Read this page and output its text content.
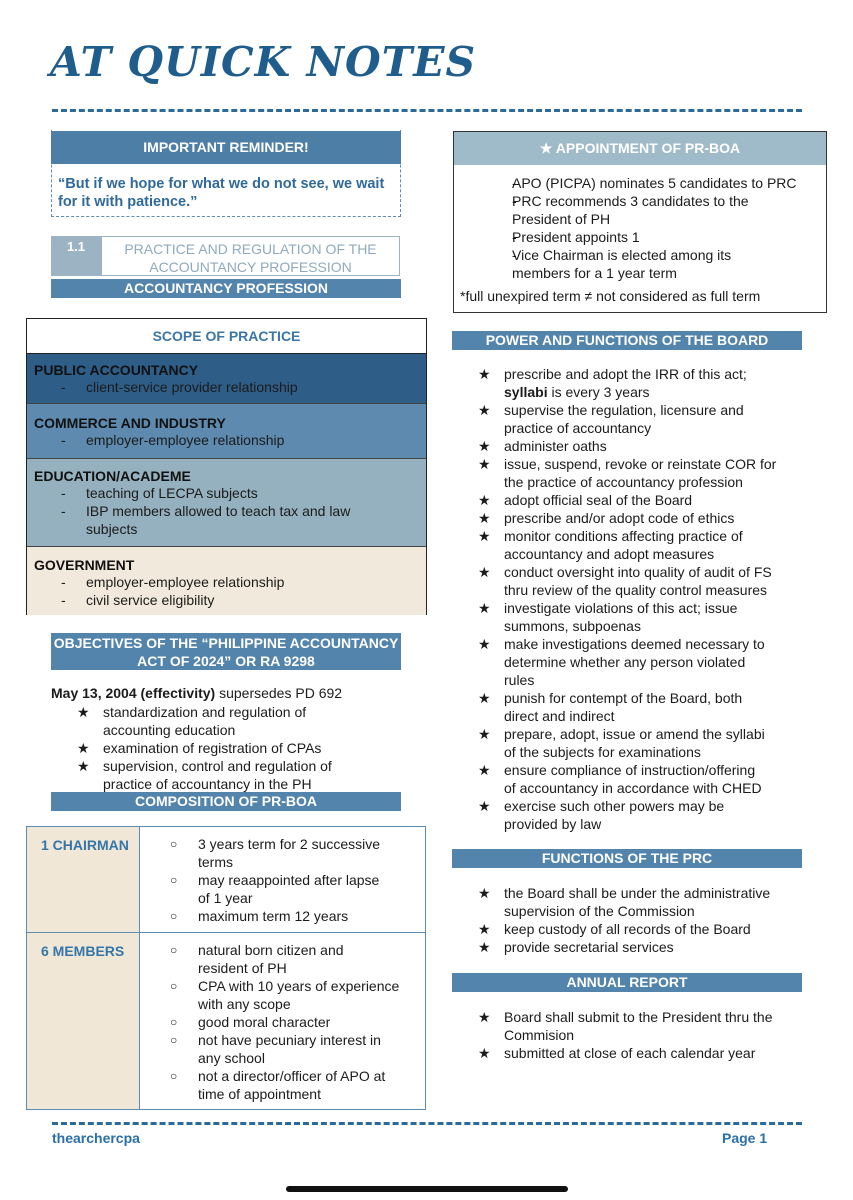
AT QUICK NOTES
IMPORTANT REMINDER!
“But if we hope for what we do not see, we wait
for it with patience.”
1.1	PRACTICE AND REGULATION OF THE
ACCOUNTANCY PROFESSION
ACCOUNTANCY PROFESSION
SCOPE OF PRACTICE
PUBLIC ACCOUNTANCY
- client-service provider relationship
COMMERCE AND INDUSTRY
- employer-employee relationship
EDUCATION/ACADEME
- teaching of LECPA subjects
- IBP members allowed to teach tax and law
subjects
GOVERNMENT
- employer-employee relationship
- civil service eligibility
OBJECTIVES OF THE “PHILIPPINE ACCOUNTANCY
ACT OF 2024” OR RA 9298
May 13, 2004 (effectivity) supersedes PD 692
★ standardization and regulation of
accounting education
★ examination of registration of CPAs
★ supervision, control and regulation of
practice of accountancy in the PH
COMPOSITION OF PR-BOA
1 CHAIRMAN	○ 3 years term for 2 successive
terms
○ may reaappointed after lapse
of 1 year
○ maximum term 12 years
6 MEMBERS	○ natural born citizen and
resident of PH
○ CPA with 10 years of experience
with any scope
○ good moral character
○ not have pecuniary interest in
any school
○ not a director/officer of APO at
time of appointment
★ APPOINTMENT OF PR-BOA
- APO (PICPA) nominates 5 candidates to PRC
- PRC recommends 3 candidates to the
President of PH
- President appoints 1
- Vice Chairman is elected among its
members for a 1 year term
*full unexpired term ≠ not considered as full term
POWER AND FUNCTIONS OF THE BOARD
★ prescribe and adopt the IRR of this act;
syllabi is every 3 years
★ supervise the regulation, licensure and
practice of accountancy
★ administer oaths
★ issue, suspend, revoke or reinstate COR for
the practice of accountancy profession
★ adopt official seal of the Board
★ prescribe and/or adopt code of ethics
★ monitor conditions affecting practice of
accountancy and adopt measures
★ conduct oversight into quality of audit of FS
thru review of the quality control measures
★ investigate violations of this act; issue
summons, subpoenas
★ make investigations deemed necessary to
determine whether any person violated
rules
★ punish for contempt of the Board, both
direct and indirect
★ prepare, adopt, issue or amend the syllabi
of the subjects for examinations
★ ensure compliance of instruction/offering
of accountancy in accordance with CHED
★ exercise such other powers may be
provided by law
FUNCTIONS OF THE PRC
★ the Board shall be under the administrative
supervision of the Commission
★ keep custody of all records of the Board
★ provide secretarial services
ANNUAL REPORT
★ Board shall submit to the President thru the
Commision
★ submitted at close of each calendar year
thearchercpa	Page 1
